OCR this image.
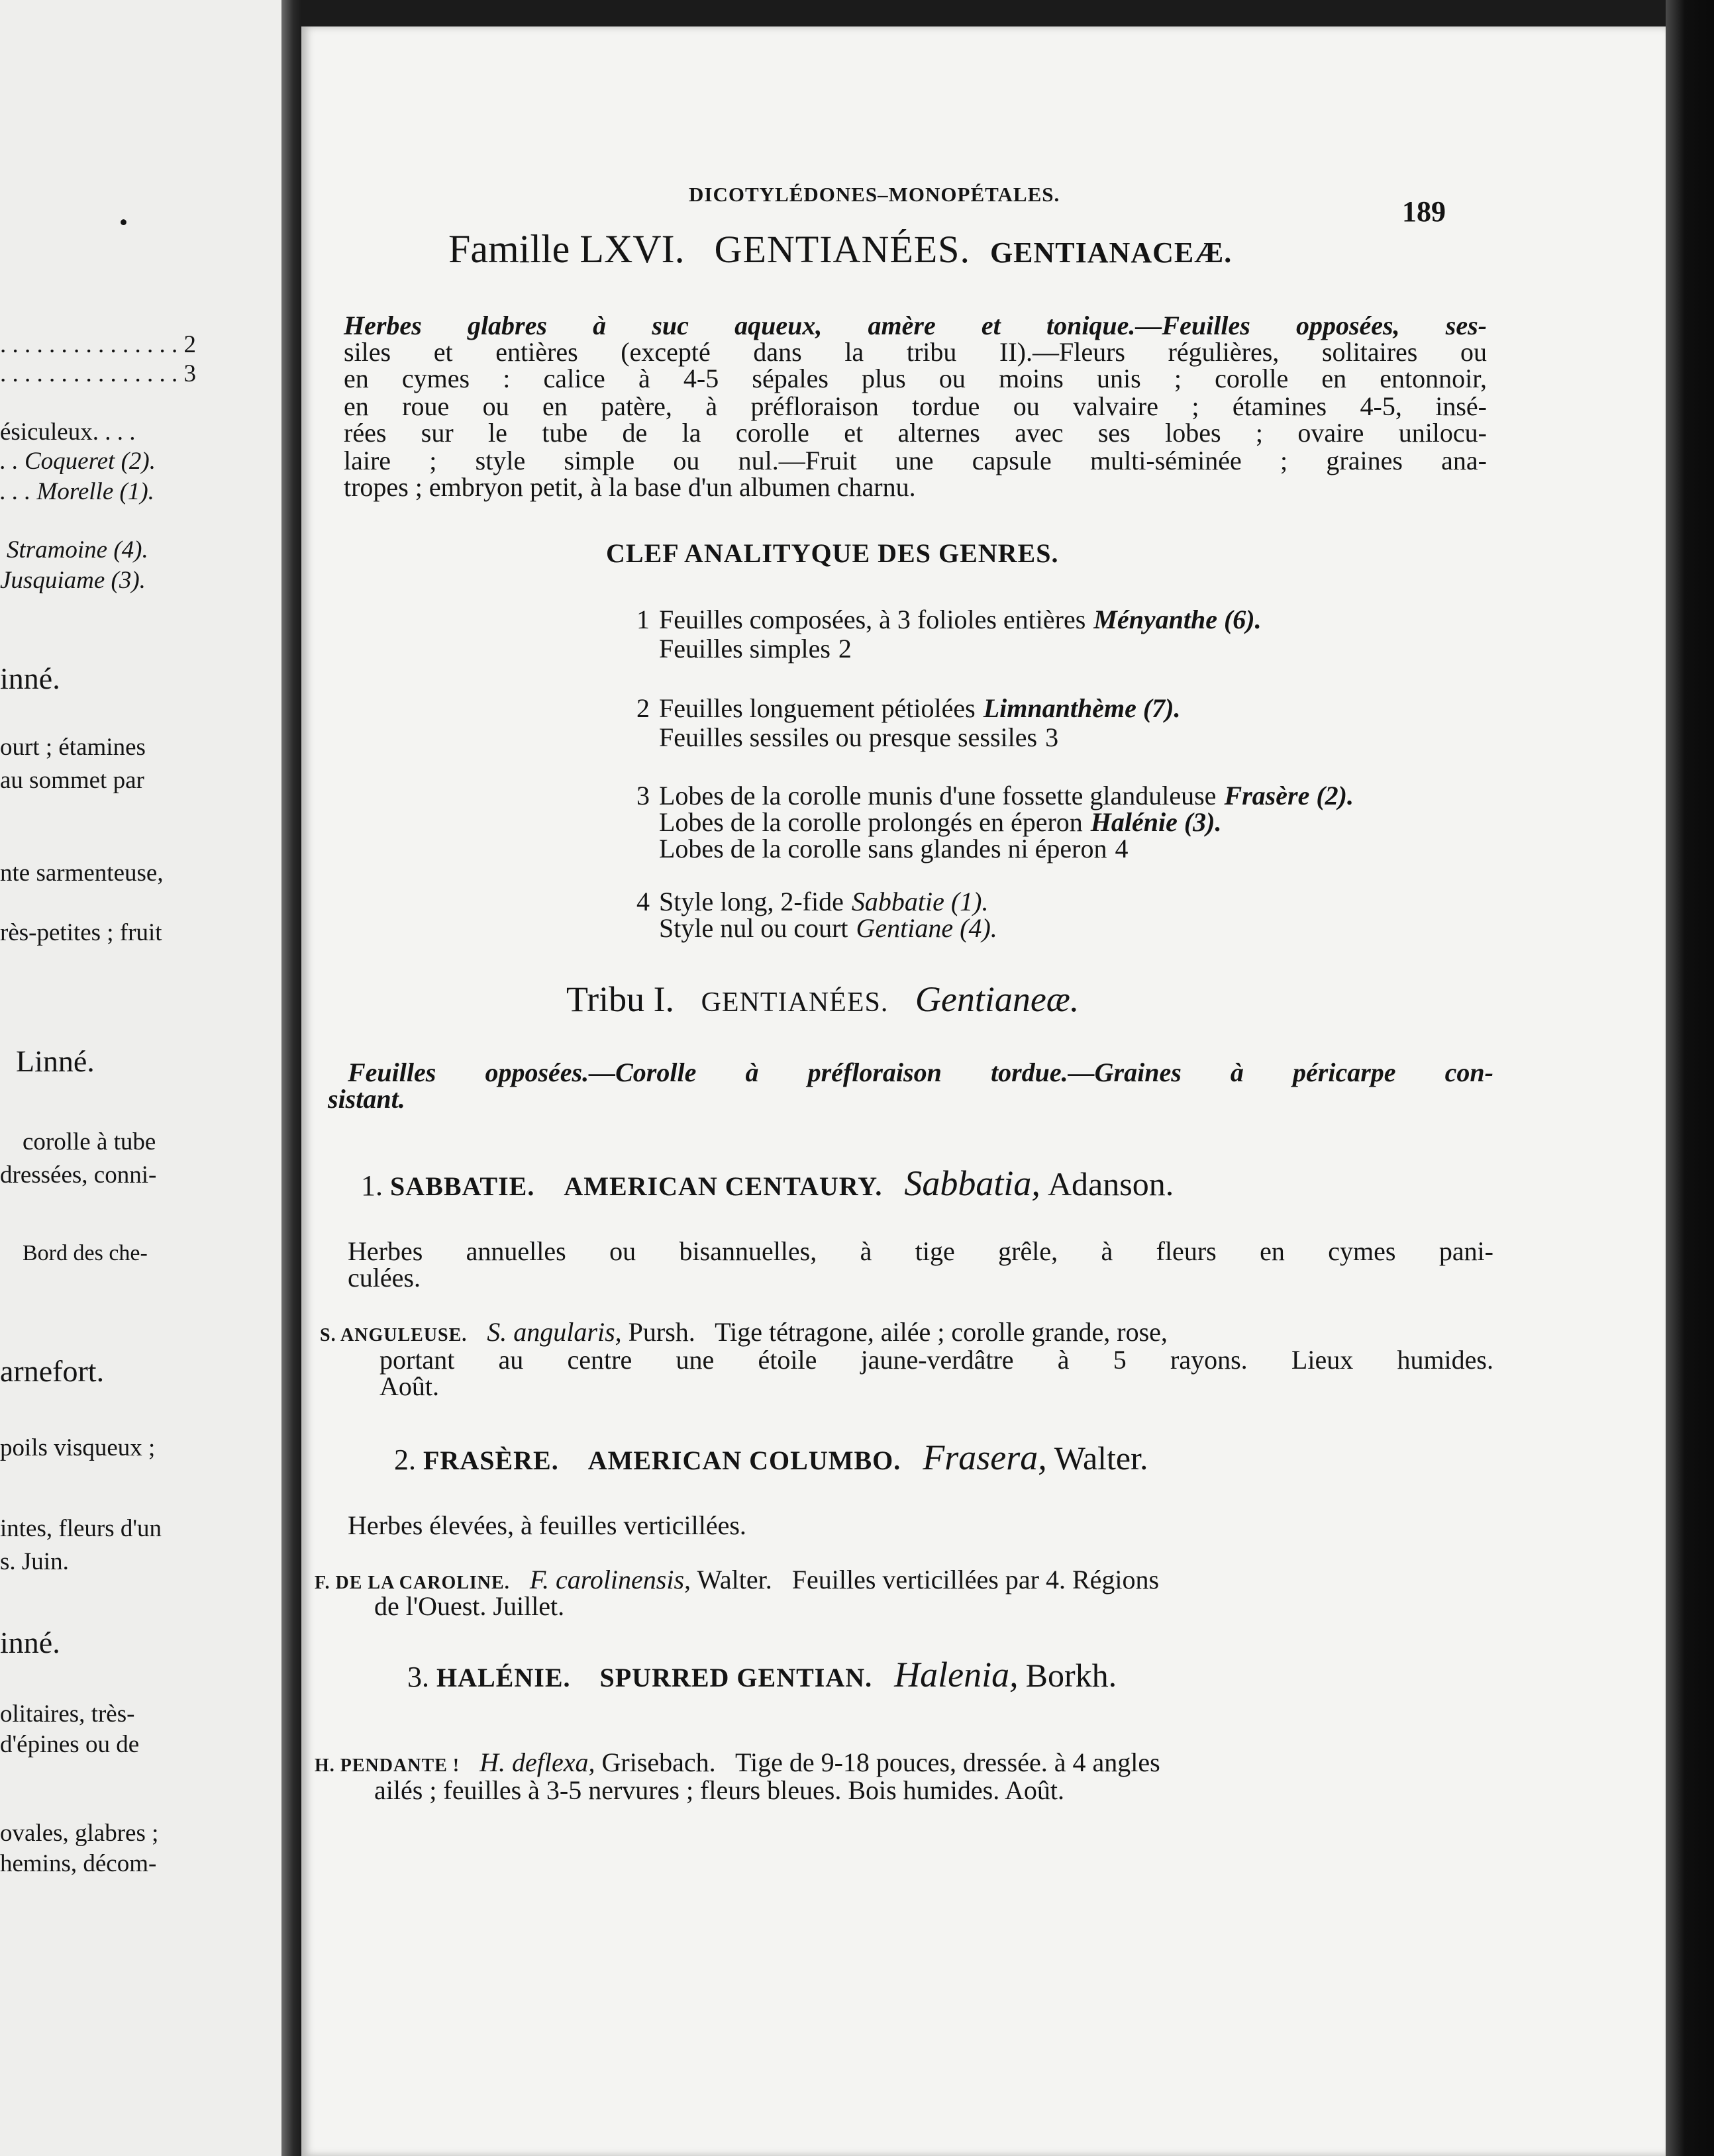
•
. . . . . . . . . . . . . . . 2
. . . . . . . . . . . . . . . 3
ésiculeux. . . .
. . Coqueret (2).
. . . Morelle (1).
Stramoine (4).
Jusquiame (3).
inné.
ourt ; étamines
au sommet par
nte sarmenteuse,
rès-petites ; fruit
Linné.
corolle à tube
dressées, conni-
Bord des che-
arnefort.
poils visqueux ;
intes, fleurs d'un
s. Juin.
inné.
olitaires, très-
d'épines ou de
ovales, glabres ;
hemins, décom-
DICOTYLÉDONES–MONOPÉTALES.
189
Famille LXVI. GENTIANÉES. GENTIANACEÆ.
Herbes glabres à suc aqueux, amère et tonique.—Feuilles opposées, ses-
siles et entières (excepté dans la tribu II).—Fleurs régulières, solitaires ou
en cymes : calice à 4-5 sépales plus ou moins unis ; corolle en entonnoir,
en roue ou en patère, à préfloraison tordue ou valvaire ; étamines 4-5, insé-
rées sur le tube de la corolle et alternes avec ses lobes ; ovaire unilocu-
laire ; style simple ou nul.—Fruit une capsule multi-séminée ; graines ana-
tropes ; embryon petit, à la base d'un albumen charnu.
CLEF ANALITYQUE DES GENRES.
1 Feuilles composées, à 3 folioles entières Ményanthe (6).
Feuilles simples 2
2 Feuilles longuement pétiolées Limnanthème (7).
Feuilles sessiles ou presque sessiles 3
3 Lobes de la corolle munis d'une fossette glanduleuse Frasère (2).
Lobes de la corolle prolongés en éperon Halénie (3).
Lobes de la corolle sans glandes ni éperon 4
4 Style long, 2-fide Sabbatie (1).
Style nul ou court Gentiane (4).
Tribu I. GENTIANÉES. Gentianeæ.
Feuilles opposées.—Corolle à préfloraison tordue.—Graines à péricarpe con-
sistant.
1. SABBATIE. AMERICAN CENTAURY. Sabbatia, Adanson.
Herbes annuelles ou bisannuelles, à tige grêle, à fleurs en cymes pani-
culées.
S. ANGULEUSE. S. angularis, Pursh. Tige tétragone, ailée ; corolle grande, rose,
portant au centre une étoile jaune-verdâtre à 5 rayons. Lieux humides.
Août.
2. FRASÈRE. AMERICAN COLUMBO. Frasera, Walter.
Herbes élevées, à feuilles verticillées.
F. DE LA CAROLINE. F. carolinensis, Walter. Feuilles verticillées par 4. Régions
de l'Ouest. Juillet.
3. HALÉNIE. SPURRED GENTIAN. Halenia, Borkh.
H. PENDANTE ! H. deflexa, Grisebach. Tige de 9-18 pouces, dressée. à 4 angles
ailés ; feuilles à 3-5 nervures ; fleurs bleues. Bois humides. Août.
